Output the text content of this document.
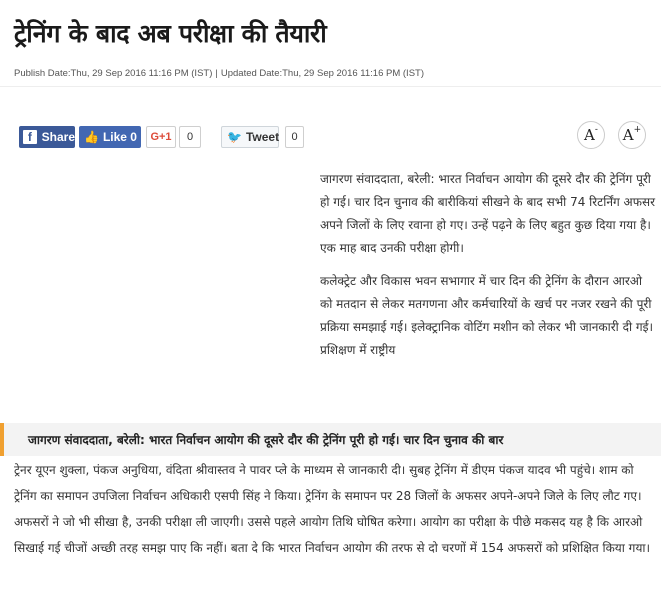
ट्रेनिंग के बाद अब परीक्षा की तैयारी
Publish Date:Thu, 29 Sep 2016 11:16 PM (IST) | Updated Date:Thu, 29 Sep 2016 11:16 PM (IST)
f Share 👍 Like 0 G+1	0	🐦 Tweet	0	A- A+

जागरण संवाददाता, बरेली: भारत निर्वाचन आयोग की दूसरे दौर की ट्रेनिंग पूरी हो गई। चार दिन चुनाव की बारीकियां सीखने के बाद सभी 74 रिटर्निंग अफसर अपने जिलों के लिए रवाना हो गए। उन्हें पढ़ने के लिए बहुत कुछ दिया गया है। एक माह बाद उनकी परीक्षा होगी।

कलेक्ट्रेट और विकास भवन सभागार में चार दिन की ट्रेनिंग के दौरान आरओ को मतदान से लेकर मतगणना और कर्मचारियों के खर्च पर नजर रखने की पूरी प्रक्रिया समझाई गई। इलेक्ट्रानिक वोटिंग मशीन को लेकर भी जानकारी दी गई। प्रशिक्षण में राष्ट्रीय

जागरण संवाददाता, बरेली: भारत निर्वाचन आयोग की दूसरे दौर की ट्रेनिंग पूरी हो गई। चार दिन चुनाव की बार
ट्रेनर यूएन शुक्ला, पंकज अनुधिया, वंदिता श्रीवास्तव ने पावर प्ले के माध्यम से जानकारी दी। सुबह ट्रेनिंग में डीएम पंकज यादव भी पहुंचे। शाम को ट्रेनिंग का समापन उपजिला निर्वाचन अधिकारी एसपी सिंह ने किया। ट्रेनिंग के समापन पर 28 जिलों के अफसर अपने-अपने जिले के लिए लौट गए। अफसरों ने जो भी सीखा है, उनकी परीक्षा ली जाएगी। उससे पहले आयोग तिथि घोषित करेगा। आयोग का परीक्षा के पीछे मकसद यह है कि आरओ सिखाई गई चीजों अच्छी तरह समझ पाए कि नहीं। बता दे कि भारत निर्वाचन आयोग की तरफ से दो चरणों में 154 अफसरों को प्रशिक्षित किया गया।
